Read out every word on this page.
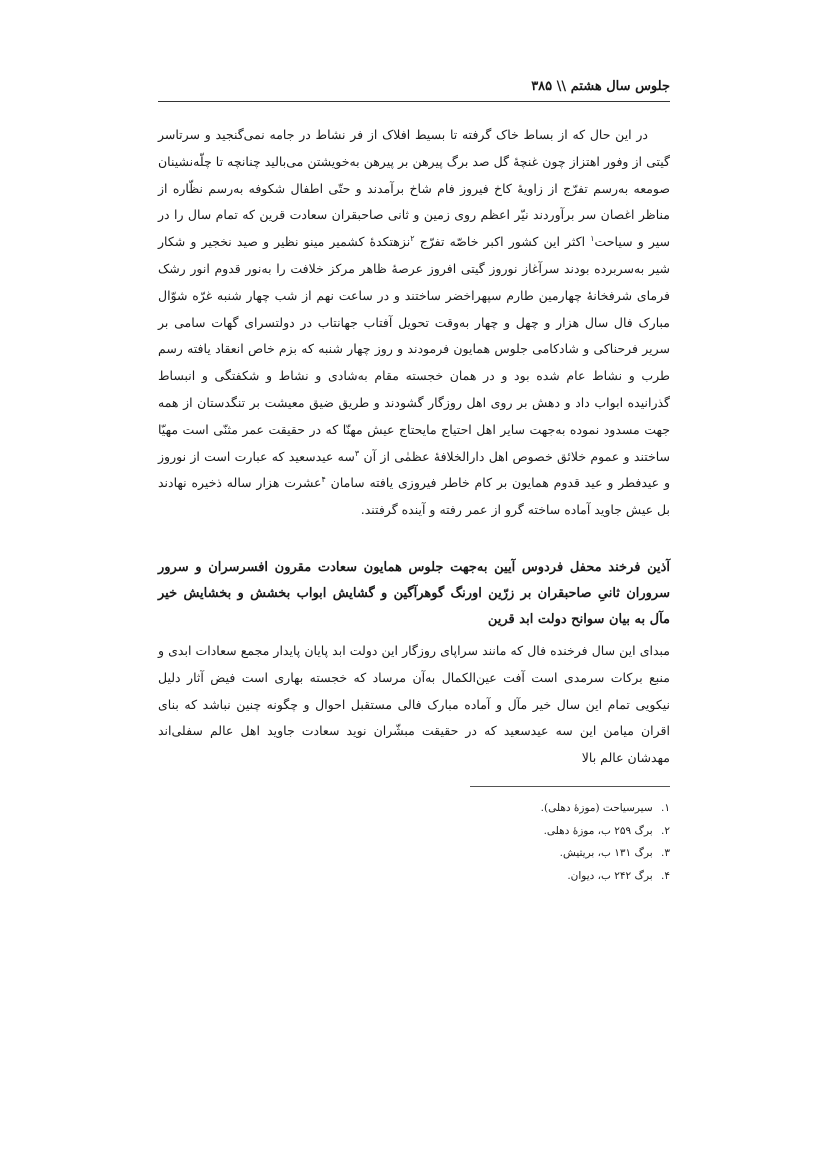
جلوس سال هشتم \\ ۳۸۵

در این حال که از بساط خاک گرفته تا بسیط افلاک از فر نشاط در جامه نمی‌گنجید و سرتاسر گیتی از وفور اهتزاز چون غنچهٔ گل صد برگ پیرهن بر پیرهن به‌خویشتن می‌بالید چنانچه تا چلّه‌نشینان صومعه به‌رسم تفرّج از زاویهٔ کاخ فیروز فام شاخ برآمدند و حتّی اطفال شکوفه به‌رسم نظّاره از مناظر اغصان سر برآوردند نیّر اعظم روی زمین و ثانی صاحبقران سعادت قرین که تمام سال را در سیر و سیاحت$^۱$ اکثر این کشور اکبر خاصّه تفرّج $^۲$نزهتکدهٔ کشمیر مینو نظیر و صید نخجیر و شکار شیر به‌سربرده بودند سرآغاز نوروز گیتی افروز عرصهٔ ظاهر مرکز خلافت را به‌نور قدوم انور رشک فرمای شرفخانهٔ چهارمین طارم سپهراخضر ساختند و در ساعت نهم از شب چهار شنبه غرّه شوّال مبارک فال سال هزار و چهل و چهار به‌وقت تحویل آفتاب جهانتاب در دولتسرای گهات سامی بر سریر فرحناکی و شادکامی جلوس همایون فرمودند و روز چهار شنبه که بزم خاص انعقاد یافته رسم طرب و نشاط عام شده بود و در همان خجسته مقام به‌شادی و نشاط و شکفتگی و انبساط گذرانیده ابواب داد و دهش بر روی اهل روزگار گشودند و طریق ضیق معیشت بر تنگدستان از همه جهت مسدود نموده به‌جهت سایر اهل احتیاج مایحتاج عیش مهنّا که در حقیقت عمر مثنّی است مهیّا ساختند و عموم خلائق خصوص اهل دارالخلافهٔ عظمٰی از آن $^۳$سه عیدسعید که عبارت است از نوروز و عیدفطر و عید قدوم همایون بر کام خاطر فیروزی یافته سامان $^۴$عشرت هزار ساله ذخیره نهادند بل عیش جاوید آماده ساخته گرو از عمر رفته و آینده گرفتند.

آذین فرخند محفل فردوس آیین به‌جهت جلوس همایون سعادت مقرون افسرسران و سرور سروران ثانیِ صاحبقران بر زرّین اورنگ گوهرآگین و گشایش ابواب بخشش و بخشایش خیر مآل به بیان سوانح دولت ابد قرین

مبدای این سال فرخنده فال که مانند سراپای روزگار این دولت ابد پایان پایدار مجمع سعادات ابدی و منبع برکات سرمدی است آفت عین‌الکمال به‌آن مرساد که خجسته بهاری است فیض آثار دلیل نیکویی تمام این سال خیر مآل و آماده مبارک فالی مستقبل احوال و چگونه چنین نباشد که بنای اقران میامن این سه عیدسعید که در حقیقت مبشّران نوید سعادت جاوید اهل عالم سفلی‌اند مهدشان عالم بالا

۱. سیرسیاحت (موزهٔ دهلی).
۲. برگ ۲۵۹ ب، موزهٔ دهلی.
۳. برگ ۱۳۱ ب، بریتیش.
۴. برگ ۲۴۲ ب، دیوان.
